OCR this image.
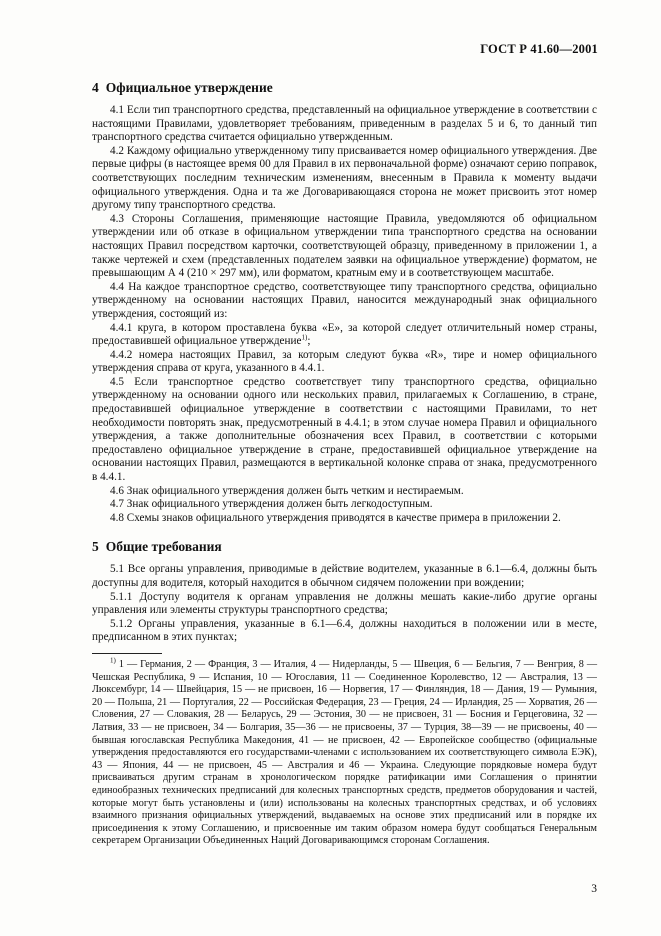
ГОСТ Р 41.60—2001
4 Официальное утверждение

4.1 Если тип транспортного средства, представленный на официальное утверждение в соответствии с настоящими Правилами, удовлетворяет требованиям, приведенным в разделах 5 и 6, то данный тип транспортного средства считается официально утвержденным.

4.2 Каждому официально утвержденному типу присваивается номер официального утверждения. Две первые цифры (в настоящее время 00 для Правил в их первоначальной форме) означают серию поправок, соответствующих последним техническим изменениям, внесенным в Правила к моменту выдачи официального утверждения. Одна и та же Договаривающаяся сторона не может присвоить этот номер другому типу транспортного средства.

4.3 Стороны Соглашения, применяющие настоящие Правила, уведомляются об официальном утверждении или об отказе в официальном утверждении типа транспортного средства на основании настоящих Правил посредством карточки, соответствующей образцу, приведенному в приложении 1, а также чертежей и схем (представленных подателем заявки на официальное утверждение) форматом, не превышающим А 4 (210 × 297 мм), или форматом, кратным ему и в соответствующем масштабе.

4.4 На каждое транспортное средство, соответствующее типу транспортного средства, официально утвержденному на основании настоящих Правил, наносится международный знак официального утверждения, состоящий из:

4.4.1 круга, в котором проставлена буква «Е», за которой следует отличительный номер страны, предоставившей официальное утверждение$^{1)}$;

4.4.2 номера настоящих Правил, за которым следуют буква «R», тире и номер официального утверждения справа от круга, указанного в 4.4.1.

4.5 Если транспортное средство соответствует типу транспортного средства, официально утвержденному на основании одного или нескольких правил, прилагаемых к Соглашению, в стране, предоставившей официальное утверждение в соответствии с настоящими Правилами, то нет необходимости повторять знак, предусмотренный в 4.4.1; в этом случае номера Правил и официального утверждения, а также дополнительные обозначения всех Правил, в соответствии с которыми предоставлено официальное утверждение в стране, предоставившей официальное утверждение на основании настоящих Правил, размещаются в вертикальной колонке справа от знака, предусмотренного в 4.4.1.

4.6 Знак официального утверждения должен быть четким и нестираемым.

4.7 Знак официального утверждения должен быть легкодоступным.

4.8 Схемы знаков официального утверждения приводятся в качестве примера в приложении 2.

5 Общие требования

5.1 Все органы управления, приводимые в действие водителем, указанные в 6.1—6.4, должны быть доступны для водителя, который находится в обычном сидячем положении при вождении;

5.1.1 Доступу водителя к органам управления не должны мешать какие-либо другие органы управления или элементы структуры транспортного средства;

5.1.2 Органы управления, указанные в 6.1—6.4, должны находиться в положении или в месте, предписанном в этих пунктах;

$^{1)}$ 1 — Германия, 2 — Франция, 3 — Италия, 4 — Нидерланды, 5 — Швеция, 6 — Бельгия, 7 — Венгрия, 8 — Чешская Республика, 9 — Испания, 10 — Югославия, 11 — Соединенное Королевство, 12 — Австралия, 13 — Люксембург, 14 — Швейцария, 15 — не присвоен, 16 — Норвегия, 17 — Финляндия, 18 — Дания, 19 — Румыния, 20 — Польша, 21 — Португалия, 22 — Российская Федерация, 23 — Греция, 24 — Ирландия, 25 — Хорватия, 26 — Словения, 27 — Словакия, 28 — Беларусь, 29 — Эстония, 30 — не присвоен, 31 — Босния и Герцеговина, 32 — Латвия, 33 — не присвоен, 34 — Болгария, 35—36 — не присвоены, 37 — Турция, 38—39 — не присвоены, 40 — бывшая югославская Республика Македония, 41 — не присвоен, 42 — Европейское сообщество (официальные утверждения предоставляются его государствами-членами с использованием их соответствующего символа ЕЭК), 43 — Япония, 44 — не присвоен, 45 — Австралия и 46 — Украина. Следующие порядковые номера будут присваиваться другим странам в хронологическом порядке ратификации ими Соглашения о принятии единообразных технических предписаний для колесных транспортных средств, предметов оборудования и частей, которые могут быть установлены и (или) использованы на колесных транспортных средствах, и об условиях взаимного признания официальных утверждений, выдаваемых на основе этих предписаний или в порядке их присоединения к этому Соглашению, и присвоенные им таким образом номера будут сообщаться Генеральным секретарем Организации Объединенных Наций Договаривающимся сторонам Соглашения.

3
